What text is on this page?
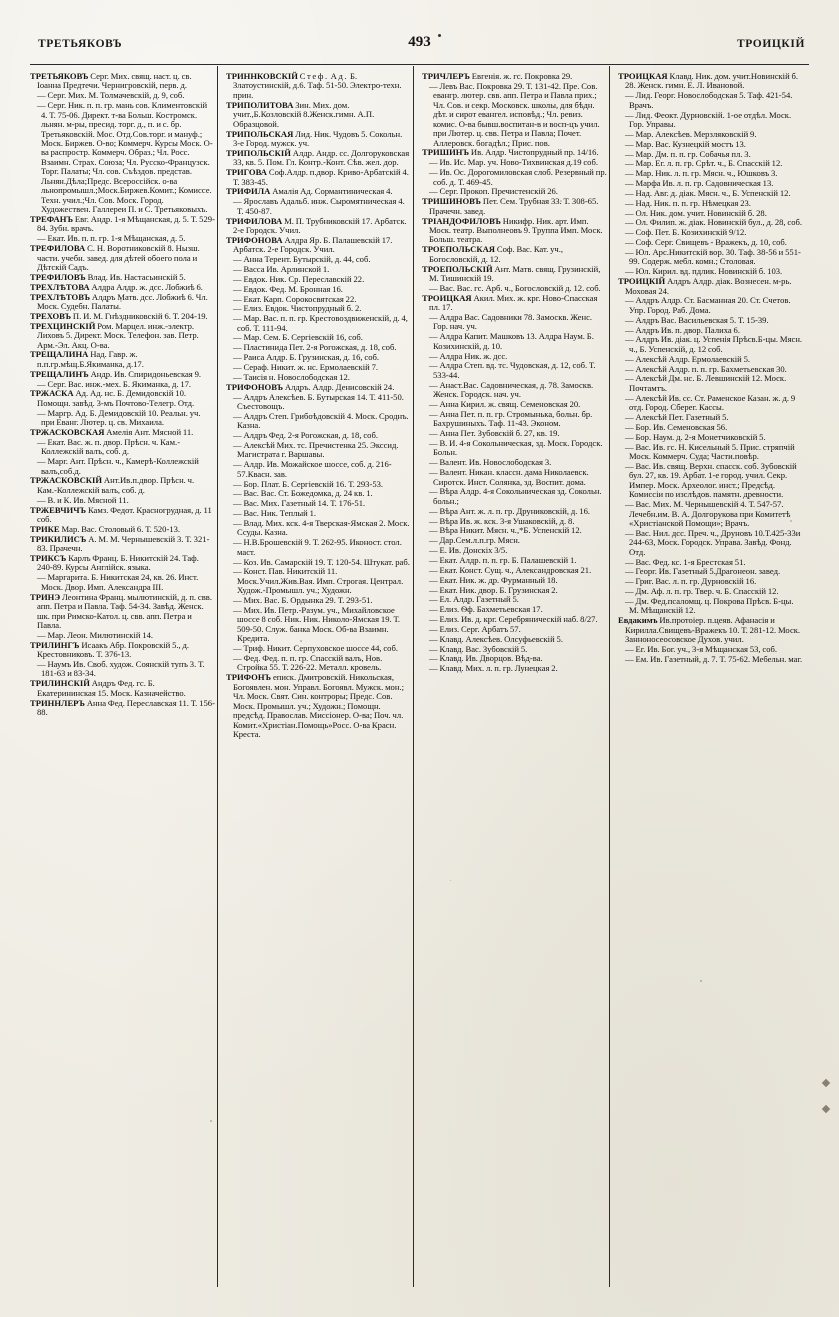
ТРЕТЬЯКОВЪ	493	ТРОИЦКІЙ

ТРЕТЬЯКОВЪ Серг. Мих. свящ. наст. ц. св. Іоанна Предтечи. Чернигровскій, перв. д.

— Серг. Мих. М. Толмачевскій, д. 9, соб.

— Серг. Ник. п. п. гр. мань сов. Климентовскій 4. Т. 75-06. Директ. т-ва Больш. Костромск. льнян. м-ры, пресид. торг. д., п. и с. бр. Третьяковскій. Мос. Отд.Сов.торг. и мануф.; Моск. Биржев. О-во; Коммерч. Курсы Моск. О-ва распростр. Коммерч. Образ.; Чл. Росс. Взаимн. Страх. Союза; Чл. Русско-Французск. Торг. Палаты; Чл. сов. Съѣздов. представ. Льнян.Дѣла;Предс. Всероссійск. о-ва льнопромышл.;Моск.Биржев.Комит.; Комиссе. Техн. учил.;Чл. Сов. Моск. Город. Художествен. Галлереи П. и С. Третьяковыхъ.

ТРЕФАНЪ Евг. Андр. 1-я Мѣщанская, д. 5. Т. 529-84. Зубн. врачъ.

— Екат. Ив. п. п. гр. 1-я Мѣщанская, д. 5.

ТРЕФИЛОВА С. Н. Воротниковскій 8. Нызш. части. учебн. завед. для дѣтей обоего пола и Дѣтскій Садъ.

ТРЕФИЛОВЪ Влад. Ив. Настасьинскій 5.

ТРЕХЛѢТОВА Алдра Алдр. ж. дсс. Лобжиѣ 6.

ТРЕХЛѢТОВЪ Алдръ Матв. дсс. Лобжиѣ 6. Чл. Моск. Судебн. Палаты.

ТРЕХОВЪ П. И. М. Гнѣздниковскій 6. Т. 204-19.

ТРЕХЦИНСКІЙ Ром. Марцел. инж.-электр. Лиховъ 5. Директ. Моск. Телефон. зав. Петр. Арм.-Эл. Акц. О-ва.

ТРЕЩАЛИНА Над. Гавр. ж. п.п.гр.мѣщ.Б.Якиманка, д.17.

ТРЕЩАЛИНЪ Андр. Ив. Спиридоньевская 9.

— Серг. Вас. инж.-мех. Б. Якиманка, д. 17.

ТРЖАСКА Ад. Ад. нс. Б. Демидовскій 10. Помощн. завѣд. 3-мъ Почтово-Телегр. Отд.

— Маргр. Ад. Б. Демидовскій 10. Реальн. уч. при Еванг. Лютер. ц. св. Михаила.

ТРЖАСКОВСКАЯ Амелія Ант. Мясной 11.

— Екат. Вас. ж. п. двор. Прѣсн. ч. Кам.-Коллежскій валъ, соб. д.

— Марг. Ант. Прѣсн. ч., Камерѣ-Коллежскій валъ,соб.д.

ТРЖАСКОВСКІЙ Ант.Ив.п.двор. Прѣсн. ч. Кам.-Коллежскій валъ, соб. д.

— В. и К. Ив. Мясной 11.

ТРЖЕВЧИЧЪ Камз. Федот. Красногрудная, д. 11 соб.

ТРИКЕ Мар. Вас. Столовый 6. Т. 520-13.

ТРИКИЛИСЪ А. М. М. Чернышевскій 3. Т. 321-83. Прачечн.

ТРИКСЪ Карлъ Франц. Б. Никитскій 24. Таф. 240-89. Курсы Англійск. языка.

— Маргарита. Б. Никитская 24, кв. 26. Инст. Моск. Двор. Имп. Александра III.

ТРИНЭ Леонтина Франц. мылютинскій, д. п. свв. апп. Петра и Павла. Таф. 54-34. Завѣд. Женск. шк. при Римско-Катол. ц. свв. апп. Петра и Павла.

— Мар. Леон. Милютинскій 14.

ТРИЛИНГЪ Исаакъ Абр. Покровскій 5., д. Крестовниковъ. Т. 376-13.

— Наумъ Ив. Своб. худож. Соянскій тупъ 3. Т. 181-63 и 83-34.

ТРИЛИНСКІЙ Андръ Фед. гс. Б. Екатерининская 15. Моск. Казначейство.

ТРИННЛЕРЪ Анна Фед. Переславская 11. Т. 156-88.

ТРИННКОВСКІЙ Стеф. Ад. Б. Златоустинскій, д.6. Таф. 51-50. Электро-техн. прин.

ТРИПОЛИТОВА Зин. Мих. дом. учит.,Б.Козловскій 8.Женск.гимн. А.П. Образцовой.

ТРИПОЛЬСКАЯ Лид. Ник. Чудовъ 5. Сокольн. 3-е Город. мужск. уч.

ТРИПОЛЬСКІЙ Алдр. Андр. сс. Долгоруковская 33, кв. 5. Пом. Гл. Контр.-Конт. Сѣв. жел. дор.

ТРИГОВА Соф.Алдр. п.двор. Кривo-Арбатскій 4. Т. 383-45.

ТРИФИЛА Амалія Ад. Сормантиническая 4.

— Ярославъ Адальб. инж. Сыромятническая 4. Т. 450-87.

ТРИФИЛОВА М. П. Трубниковскій 17. Арбатск. 2-е Городск. Учил.

ТРИФОНОВА Алдра Яр. Б. Палашевскій 17. Арбатск. 2-е Городск. Учил.

— Анна Терент. Бутырскій, д. 44, соб.

— Васса Ив. Арлинской 1.

— Евдок. Ник. Ср. Переславскій 22.

— Евдок. Фед. М. Бронная 16.

— Екат. Карп. Сорокосвятская 22.

— Елиз. Евдок. Чистопрудный б. 2.

— Мар. Вас. п. п. гр. Крестовоздвиженскій, д. 4, соб. Т. 111-94.

— Мар. Сем. Б. Сергіевскій 16, соб.

— Пластинида Пет. 2-я Рогожская, д. 18, соб.

— Раиса Алдр. Б. Грузинская, д. 16, соб.

— Сераф. Никит. ж. нс. Ермолаевскій 7.

— Таисія н. Новослободская 12.

ТРИФОНОВЪ Алдръ. Алдр. Денисовскій 24.

— Алдръ Алексѣев. Б. Бутырская 14. Т. 411-50. Съестовощъ.

— Алдръ Степ. Грибоѣдовскій 4. Моск. Сроднъ. Казна.

— Алдръ Фед. 2-я Рогожская, д. 18, соб.

— Алексѣй Мих. тс. Пречистенка 25. Экссид. Магистрата г. Варшавы.

— Алдр. Ив. Можайское шоссе, соб. д. 216-57.Квасн. зав.

— Бор. Плат. Б. Сергіевскій 16. Т. 293-53.

— Вас. Вас. Ст. Божедомка, д. 24 кв. 1.

— Вас. Мих. Газетный 14. Т. 176-51.

— Вас. Ник. Теплый 1.

— Влад. Мих. кск. 4-я Тверская-Ямская 2. Моск. Ссуды. Казна.

— Н.В.Брошевскій 9. Т. 262-95. Иконост. стол. маст.

— Коз. Ив. Самарскій 19. Т. 120-54. Штукат. раб.

— Конст. Пав. Никитскій 11. Моск.Учил.Жив.Вая. Имп. Строгая. Централ. Худож.-Промышл. уч.; Художн.

— Мих. Вас. Б. Ордынка 29. Т. 293-51.

— Мих. Ив. Петр.-Разум. уч., Михайловское шоссе 8 соб. Ник. Ник. Николо-Ямская 19. Т. 509-50. Служ. банка Моск. Об-ва Взаимн. Кредита.

— Триф. Никит. Серпуховское шоссе 44, соб.

— Фед. Фед. п. п. гр. Спасскій валъ, Нов. Стройка 55. Т. 226-22. Металл. кровель.

ТРИФОНЪ еписк. Дмитровскій. Никольская, Богоявлен. мон. Управл. Богоявл. Мужск. мон.; Чл. Моск. Свят. Син. контроры; Предс. Сов. Моск. Промышл. уч.; Художн.; Помощн. предсѣд. Православ. Миссіонер. О-ва; Поч. чл. Комит.«Христіан.Помощь»Росс. О-ва Красн. Креста.

ТРИЧЛЕРЪ Евгенія. ж. гс. Покровка 29.

— Левъ Вас. Покровка 29. Т. 131-42. Пре. Сов. евангр. лютер. свв. апп. Петра и Павла прих.; Чл. Сов. и секр. Московск. школы, для бѣдн. дѣт. и сирот евангел. исповѣд.; Чл. ревиз. комис. О-ва бывш.воспитан-в и восп-цъ учил. при Лютер. ц. свв. Петра и Павла; Почет. Аллеровск. богадѣл.; Прис. пов.

ТРИШИНЪ Ив. Алдр. Чистопрудный пр. 14/16.

— Ив. Ис. Мар. уч. Ново-Тихвинская д.19 соб.

— Ив. Ос. Дорогомиловская слоб. Резервный пр. соб. д. Т. 469-45.

— Серг. Прокоп. Пречистенскій 26.

ТРИШИНОВЪ Пет. Сем. Трубная 33. Т. 308-65. Прачечн. завед.

ТРІАНДОФИЛОВЪ Никифр. Ник. арт. Имп. Моск. театр. Выполнеовъ 9. Труппа Имп. Моск. Больш. театра.

ТРОЕПОЛЬСКАЯ Соф. Вас. Кат. уч., Богословскій, д. 12.

ТРОЕПОЛЬСКІЙ Ант. Матв. свящ. Грузинскій, М. Тишинскій 19.

— Вас. Вас. гс. Арб. ч., Богословскій д. 12. соб.

ТРОИЦКАЯ Акил. Мих. ж. крг. Ново-Спасская пл. 17.

— Алдра Вас. Садовники 78. Замоскв. Женс. Гор. нач. уч.

— Алдра Капит. Машковъ 13. Алдра Наум. Б. Козиxинскій, д. 10.

— Алдра Ник. ж. дсс.

— Алдра Степ. вд. тс. Чудовская, д. 12, соб. Т. 533-44.

— Анаст.Вас. Садовническая, д. 78. Замоскв. Женск. Городск. нач. уч.

— Анна Кирил. ж. свящ. Семеновская 20.

— Анна Пет. п. п. гр. Стромынька, больн. бр. Бахрушиныхъ. Таф. 11-43. Эконом.

— Анна Пет. Зубовскій б. 27, кв. 19.

— В. И. 4-я Сокольническая, зд. Моск. Городск. Больн.

— Валент. Ив. Новослободская 3.

— Валент. Никан. классн. дама Николаевск. Сиротск. Инст. Солянка, зд. Воспит. дома.

— Вѣра Алдр. 4-я Сокольническая зд. Сокольн. больн.;

— Вѣра Ант. ж. л. п. гр. Друниковскій, д. 16.

— Вѣра Ив. ж. кск. 3-я Ушаковскій, д. 8.

— Вѣра Никит. Мясн. ч.,*Б. Успенскій 12.

— Дар.Сем.л.п.гр. Мясн.

— Е. Ив. Донскіх 3/5.

— Екат. Алдр. п. п. гр. Б. Палашевскій 1.

— Екат. Конст. Сущ. ч., Александровская 21.

— Екат. Ник. ж. др. Фурманный 18.

— Екат. Ник. двор. Б. Грузинская 2.

— Ел. Алдр. Газетный 5.

— Елиз. Ѳф. Бахметьевская 17.

— Елиз. Ив. д. крг. Серебряническій наб. 8/27.

— Елиз. Серг. Арбатъ 57.

— Клавд. Алексѣев. Олсуфьевскій 5.

— Клавд. Вас. Зубовскій 5.

— Клавд. Ив. Дворцов. Вѣд-ва.

— Клавд. Мих. л. п. гр. Лунецкая 2.

ТРОИЦКАЯ Клавд. Ник. дом. учит.Новинскій б. 28. Женск. гимн. Е. Л. Ивановой.

— Лид. Георг. Новослободская 5. Таф. 421-54. Врачъ.

— Лид. Феокт. Дурновскій. 1-ое отдѣл. Моск. Гор. Управы.

— Мар. Алексѣев. Мерзляковскій 9.

— Мар. Вас. Кузнецкій мостъ 13.

— Мар. Дм. п. п. гр. Собачья пл. 3.

— Мар. Ег. л. п. гр. Срѣт. ч., Б. Спасскій 12.

— Мар. Ник. л. п. гр. Мясн. ч., Юшковъ 3.

— Марфа Ив. л. п. гр. Садовническая 13.

— Над. Авг. д. діак. Мясн. ч., Б. Успенскій 12.

— Над. Ник. п. п. гр. Нѣмецкая 23.

— Ол. Ник. дом. учит. Новинскій б. 28.

— Ол. Филип. ж. діак. Новинскій бул., д. 28, соб.

— Соф. Пет. Б. Козихинскій 9/12.

— Соф. Серг. Свищевъ - Вражекъ, д. 10, соб.

— Юл. Арс.Никитскій вор. 30. Таф. 38-56 и 551-99. Содерж. мебл. комн.; Столовая.

— Юл. Кирил. вд. пдлик. Новинскій б. 103.

ТРОИЦКІЙ Алдръ Алдр. діак. Вознесен. м-рь. Моховая 24.

— Алдръ Алдр. Ст. Басманная 20. Ст. Счетов. Упр. Город. Раб. Дома.

— Алдръ Вас. Васильевская 5. Т. 15-39.

— Алдръ Ив. п. двор. Палиха 6.

— Алдръ Ив. діак. ц. Успенія Прѣсв.Б-цы. Мясн. ч., Б. Успенскій, д. 12 соб.

— Алексѣй Алдр. Ермолаевскій 5.

— Алексѣй Алдр. п. п. гр. Бахметьевская 30.

— Алексѣй Дм. нс. Б. Левшинскій 12. Моск. Почтамтъ.

— Алексѣй Ив. сс. Ст. Раменское Казан. ж. д. 9 отд. Город. Сберег. Кассы.

— Алексѣй Пет. Газетный 5.

— Бор. Ив. Семеновская 56.

— Бор. Наум. д. 2-я Монетчиковскій 5.

— Вас. Ив. гс. Н. Кисельный 5. Прис. стряпчій Моск. Коммерч. Суда; Части.повѣр.

— Вас. Ив. свящ. Верхн. спасск. соб. Зубовскій бул. 27, кв. 19. Арбат. 1-е город. учил. Секр. Импер. Моск. Археолог. инст.; Предсѣд. Комиссіи по изслѣдов. памятн. древности.

— Вас. Мих. М. Чернышевскій 4. Т. 547-57. Лечебн.им. В. А. Долгорукова при Комитетѣ «Христіанской Помощи»; Врачъ.

— Вас. Нил. дсс. Преч. ч., Друновъ 10.Т.425-33и 244-63, Моск. Городск. Управа. Завѣд. Фонд. Отд.

— Вас. Фед. кс. 1-я Брестская 51.

— Георг. Ив. Газетный 5.Драгонеон. завед.

— Григ. Вас. л. п. гр. Дурновскій 16.

— Дм. Аф. л. п. гр. Твер. ч. Б. Спасскій 12.

— Дм. Фед.псаломщ. ц. Покрова Прѣсв. Б-цы. М. Мѣщанскій 12.

Евдакимъ Ив.протоіер. п.цеяв. Афанасія и Кирилла.Свищевъ-Вражекъ 10. Т. 281-12. Моск. Занноносеосовское Духов. учил.

— Ег. Ив. Бог. уч., 3-я Мѣщанская 53, соб.

— Ем. Ив. Газетный, д. 7. Т. 75-62. Мебельн. маг.
